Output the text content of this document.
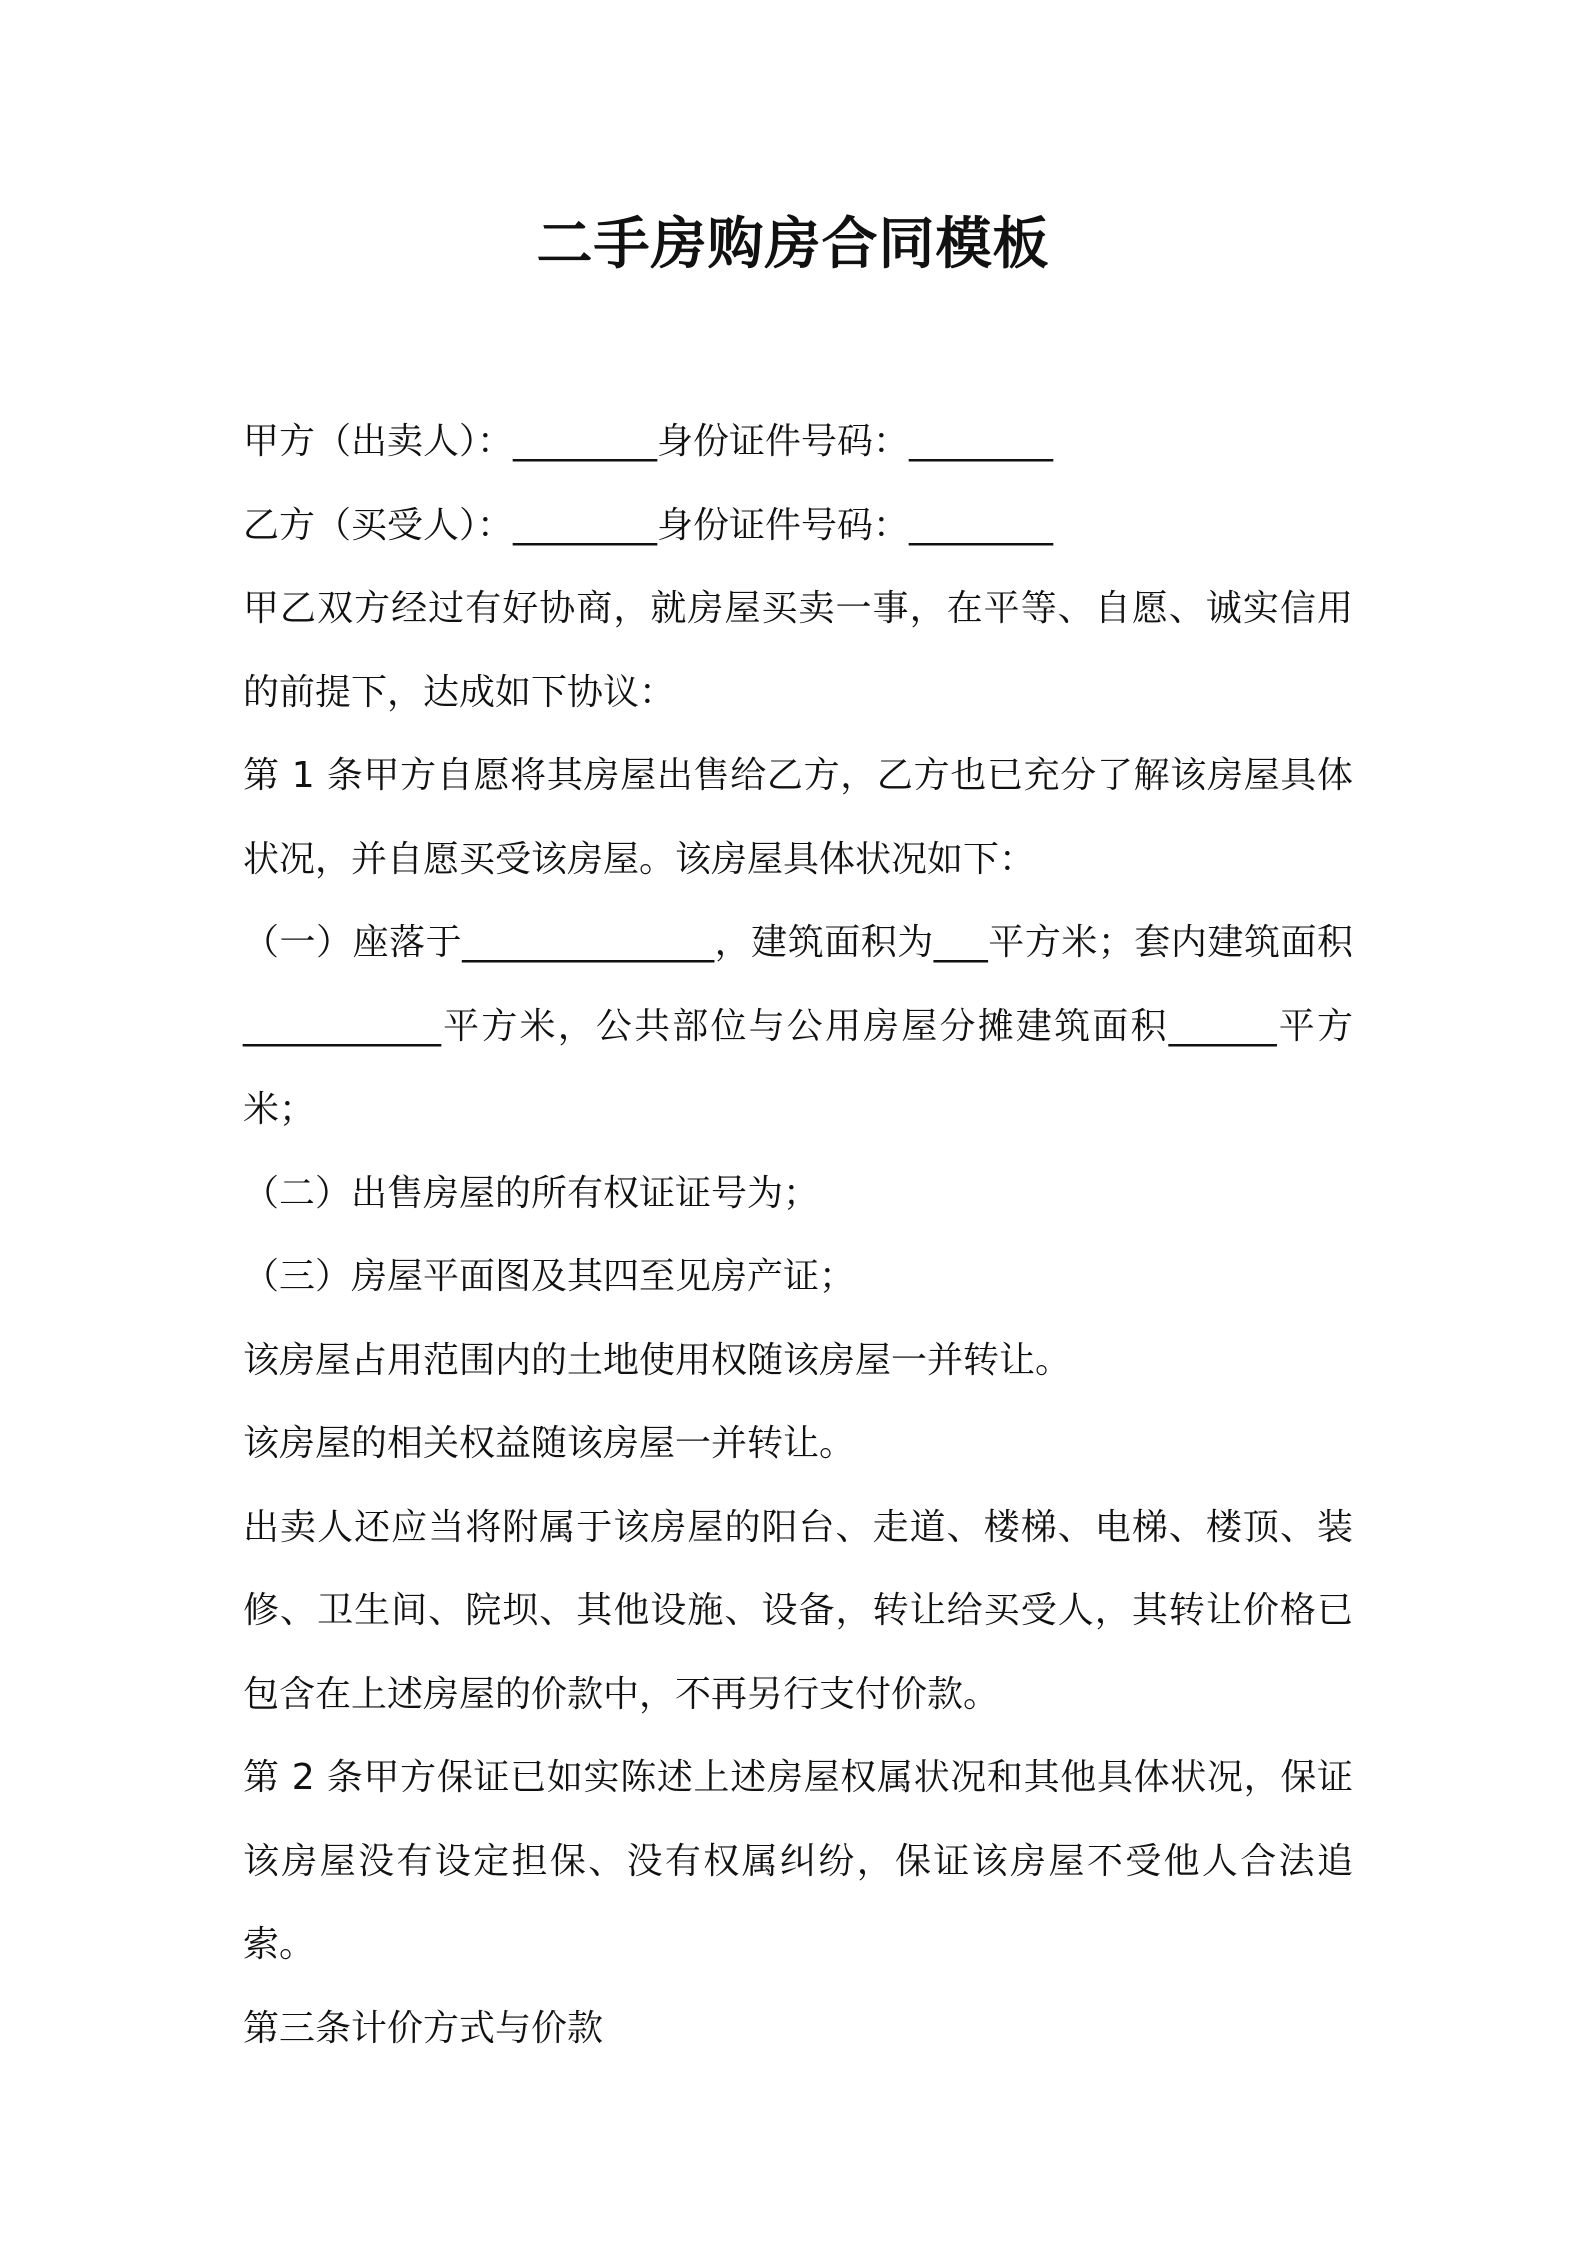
二手房购房合同模板

甲方（出卖人）：________身份证件号码：________

乙方（买受人）：________身份证件号码：________

甲乙双方经过有好协商，就房屋买卖一事，在平等、自愿、诚实信用的前提下，达成如下协议：

第 1 条甲方自愿将其房屋出售给乙方，乙方也已充分了解该房屋具体状况，并自愿买受该房屋。该房屋具体状况如下：

（一）座落于______________，建筑面积为___平方米；套内建筑面积___________平方米，公共部位与公用房屋分摊建筑面积______平方米；

（二）出售房屋的所有权证证号为；

（三）房屋平面图及其四至见房产证；

该房屋占用范围内的土地使用权随该房屋一并转让。

该房屋的相关权益随该房屋一并转让。

出卖人还应当将附属于该房屋的阳台、走道、楼梯、电梯、楼顶、装修、卫生间、院坝、其他设施、设备，转让给买受人，其转让价格已包含在上述房屋的价款中，不再另行支付价款。

第 2 条甲方保证已如实陈述上述房屋权属状况和其他具体状况，保证该房屋没有设定担保、没有权属纠纷，保证该房屋不受他人合法追索。

第三条计价方式与价款
